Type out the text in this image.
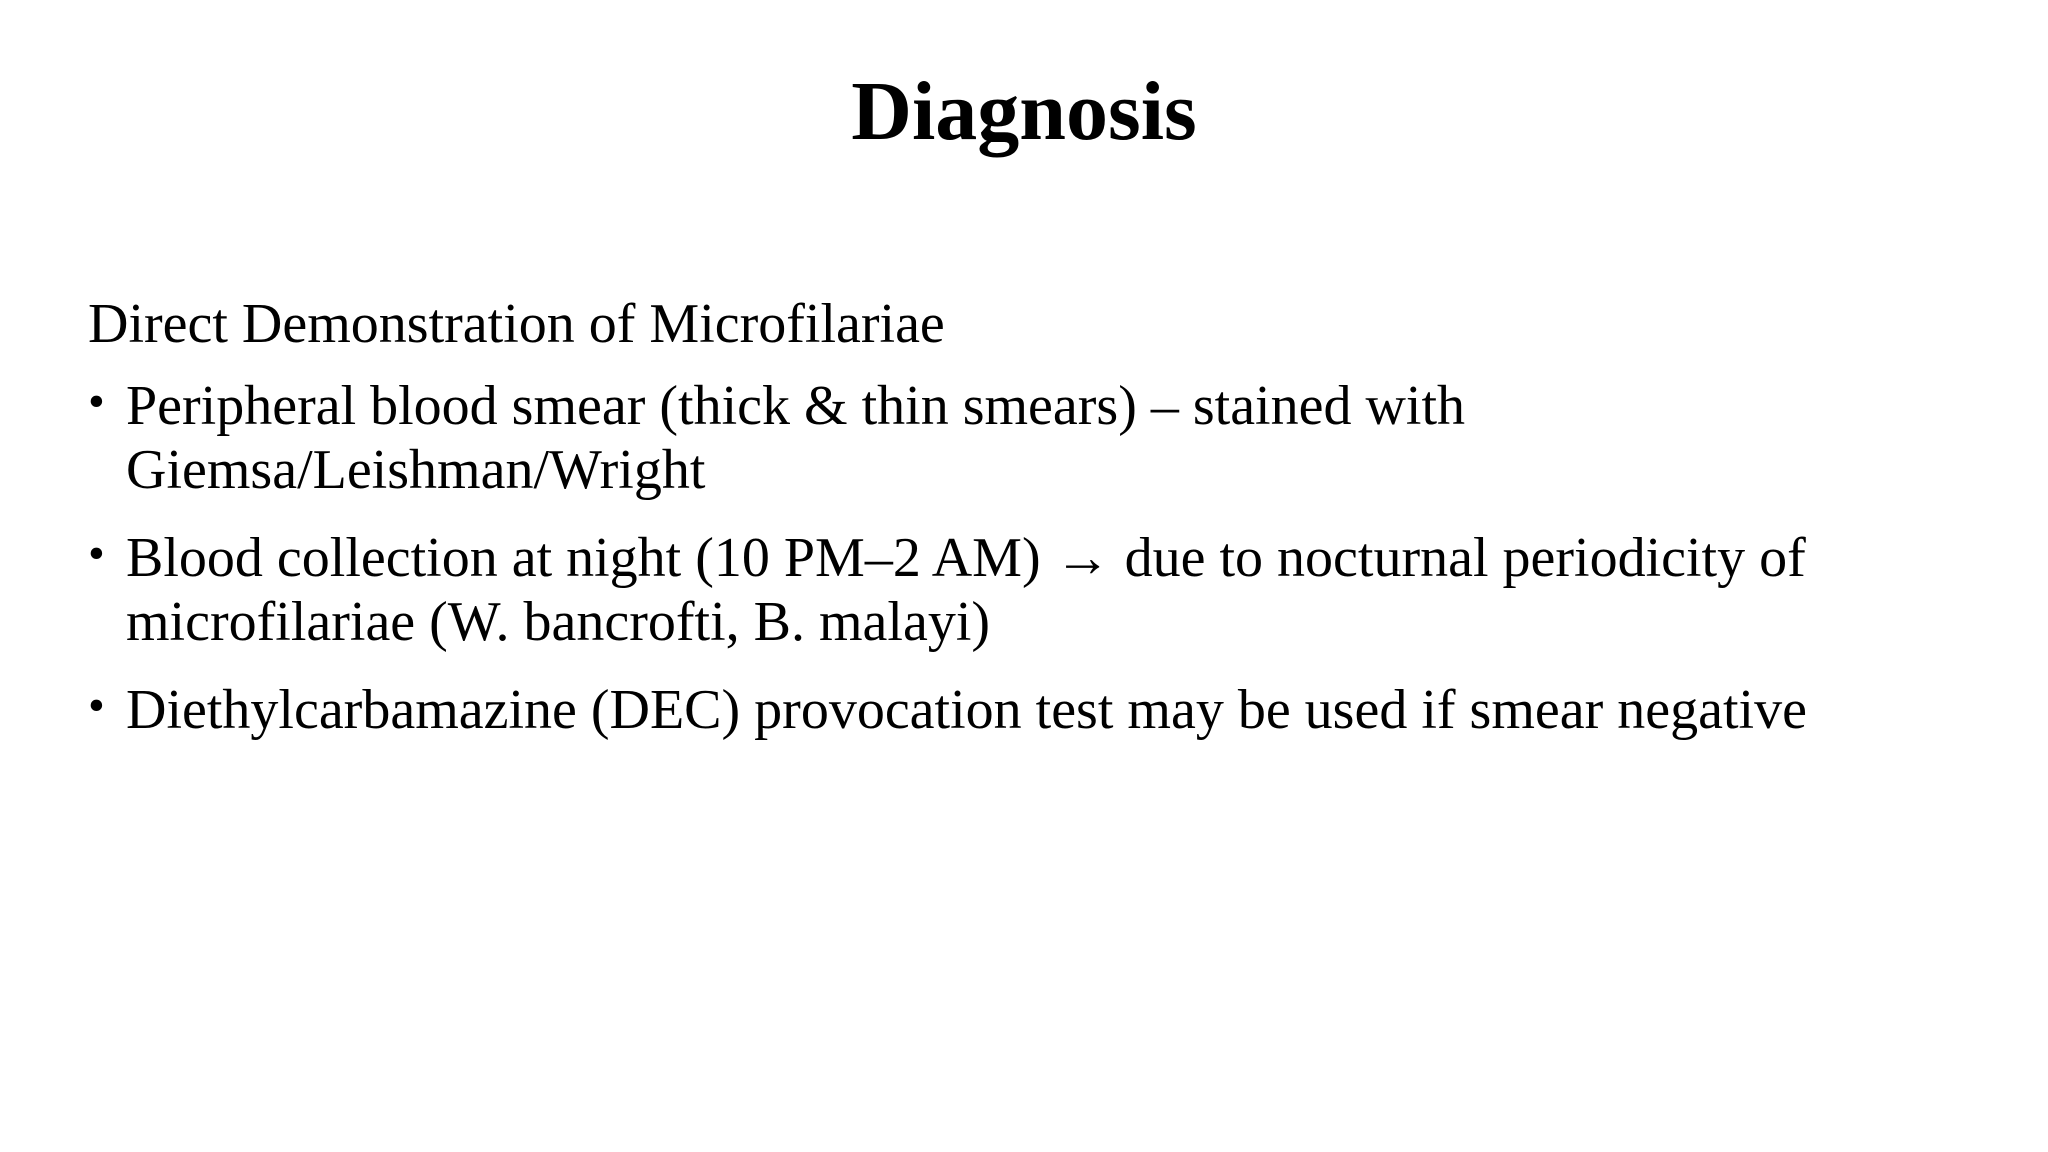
Diagnosis

Direct Demonstration of Microfilariae

• Peripheral blood smear (thick & thin smears) – stained with Giemsa/Leishman/Wright
• Blood collection at night (10 PM–2 AM) → due to nocturnal periodicity of microfilariae (W. bancrofti, B. malayi)
• Diethylcarbamazine (DEC) provocation test may be used if smear negative
